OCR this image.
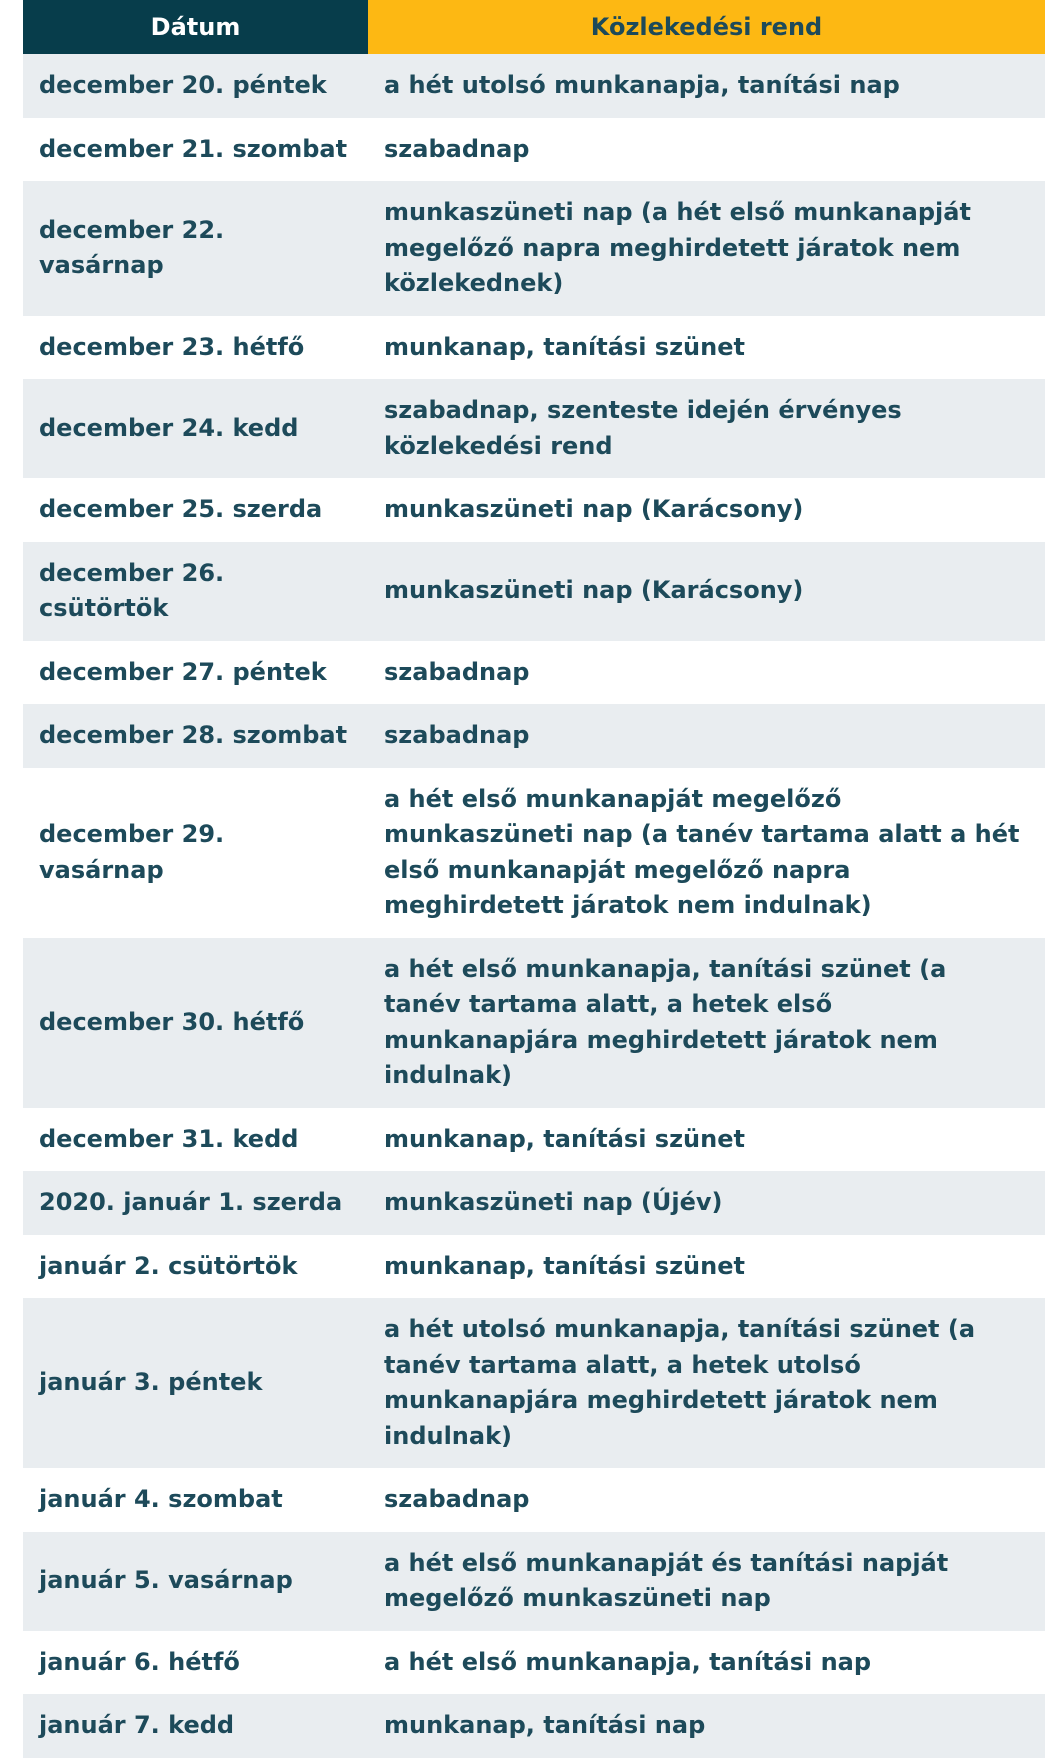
Dátum	Közlekedési rend
december 20. péntek	a hét utolsó munkanapja, tanítási nap
december 21. szombat	szabadnap
december 22. vasárnap	munkaszüneti nap (a hét első munkanapját megelőző napra meghirdetett járatok nem közlekednek)
december 23. hétfő	munkanap, tanítási szünet
december 24. kedd	szabadnap, szenteste idején érvényes közlekedési rend
december 25. szerda	munkaszüneti nap (Karácsony)
december 26. csütörtök	munkaszüneti nap (Karácsony)
december 27. péntek	szabadnap
december 28. szombat	szabadnap
december 29. vasárnap	a hét első munkanapját megelőző munkaszüneti nap (a tanév tartama alatt a hét első munkanapját megelőző napra meghirdetett járatok nem indulnak)
december 30. hétfő	a hét első munkanapja, tanítási szünet (a tanév tartama alatt, a hetek első munkanapjára meghirdetett járatok nem indulnak)
december 31. kedd	munkanap, tanítási szünet
2020. január 1. szerda	munkaszüneti nap (Újév)
január 2. csütörtök	munkanap, tanítási szünet
január 3. péntek	a hét utolsó munkanapja, tanítási szünet (a tanév tartama alatt, a hetek utolsó munkanapjára meghirdetett járatok nem indulnak)
január 4. szombat	szabadnap
január 5. vasárnap	a hét első munkanapját és tanítási napját megelőző munkaszüneti nap
január 6. hétfő	a hét első munkanapja, tanítási nap
január 7. kedd	munkanap, tanítási nap
